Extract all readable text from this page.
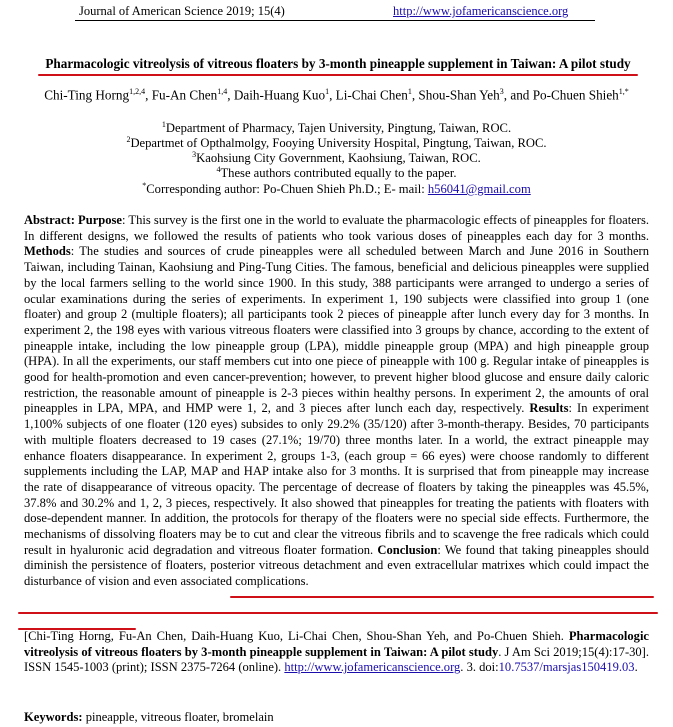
Journal of American Science 2019; 15(4)	http://www.jofamericanscience.org
Pharmacologic vitreolysis of vitreous floaters by 3-month pineapple supplement in Taiwan: A pilot study
Chi-Ting Horng$^{1,2,4}$, Fu-An Chen$^{1,4}$, Daih-Huang Kuo$^1$, Li-Chai Chen$^1$, Shou-Shan Yeh$^3$, and Po-Chuen Shieh$^{1,*}$
$^1$Department of Pharmacy, Tajen University, Pingtung, Taiwan, ROC.
$^2$Departmet of Opthalmolgy, Fooying University Hospital, Pingtung, Taiwan, ROC.
$^3$Kaohsiung City Government, Kaohsiung, Taiwan, ROC.
$^4$These authors contributed equally to the paper.
*Corresponding author: Po-Chuen Shieh Ph.D.; E- mail: h56041@gmail.com
Abstract: Purpose: This survey is the first one in the world to evaluate the pharmacologic effects of pineapples for floaters. In different designs, we followed the results of patients who took various doses of pineapples each day for 3 months. Methods: The studies and sources of crude pineapples were all scheduled between March and June 2016 in Southern Taiwan, including Tainan, Kaohsiung and Ping-Tung Cities. The famous, beneficial and delicious pineapples were supplied by the local farmers selling to the world since 1900. In this study, 388 participants were arranged to undergo a series of ocular examinations during the series of experiments. In experiment 1, 190 subjects were classified into group 1 (one floater) and group 2 (multiple floaters); all participants took 2 pieces of pineapple after lunch every day for 3 months. In experiment 2, the 198 eyes with various vitreous floaters were classified into 3 groups by chance, according to the extent of pineapple intake, including the low pineapple group (LPA), middle pineapple group (MPA) and high pineapple group (HPA). In all the experiments, our staff members cut into one piece of pineapple with 100 g. Regular intake of pineapples is good for health-promotion and even cancer-prevention; however, to prevent higher blood glucose and ensure daily caloric restriction, the reasonable amount of pineapple is 2-3 pieces within healthy persons. In experiment 2, the amounts of oral pineapples in LPA, MPA, and HMP were 1, 2, and 3 pieces after lunch each day, respectively. Results: In experiment 1,100% subjects of one floater (120 eyes) subsides to only 29.2% (35/120) after 3-month-therapy. Besides, 70 participants with multiple floaters decreased to 19 cases (27.1%; 19/70) three months later. In a world, the extract pineapple may enhance floaters disappearance. In experiment 2, groups 1-3, (each group = 66 eyes) were choose randomly to different supplements including the LAP, MAP and HAP intake also for 3 months. It is surprised that from pineapple may increase the rate of disappearance of vitreous opacity. The percentage of decrease of floaters by taking the pineapples was 45.5%, 37.8% and 30.2% and 1, 2, 3 pieces, respectively. It also showed that pineapples for treating the patients with floaters with dose-dependent manner. In addition, the protocols for therapy of the floaters were no special side effects. Furthermore, the mechanisms of dissolving floaters may be to cut and clear the vitreous fibrils and to scavenge the free radicals which could result in hyaluronic acid degradation and vitreous floater formation. Conclusion: We found that taking pineapples should diminish the persistence of floaters, posterior vitreous detachment and even extracellular matrixes which could impact the disturbance of vision and even associated complications.
[Chi-Ting Horng, Fu-An Chen, Daih-Huang Kuo, Li-Chai Chen, Shou-Shan Yeh, and Po-Chuen Shieh. Pharmacologic vitreolysis of vitreous floaters by 3-month pineapple supplement in Taiwan: A pilot study. J Am Sci 2019;15(4):17-30]. ISSN 1545-1003 (print); ISSN 2375-7264 (online). http://www.jofamericanscience.org. 3. doi:10.7537/marsjas150419.03.
Keywords: pineapple, vitreous floater, bromelain
